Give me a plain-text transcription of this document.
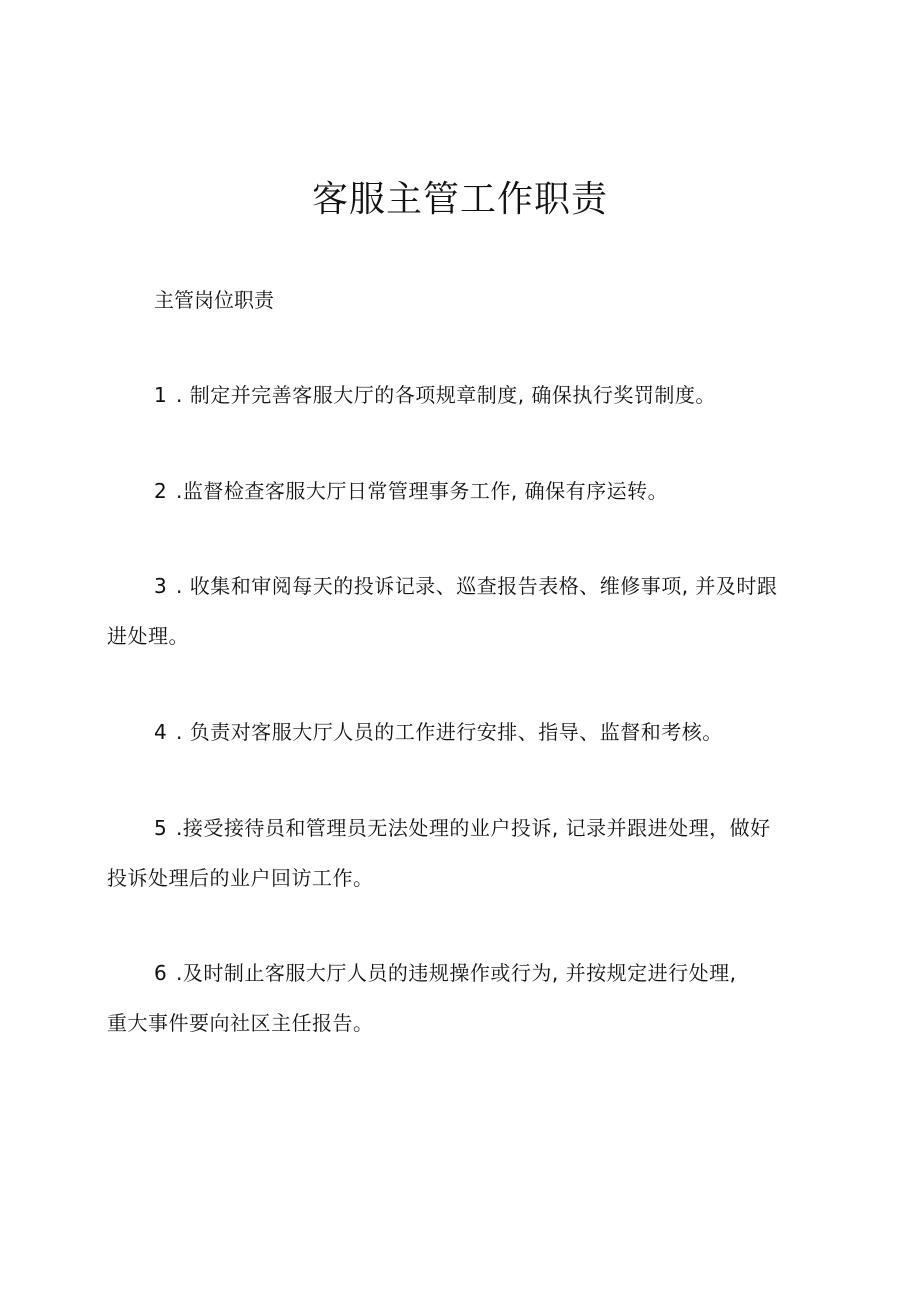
客服主管工作职责

主管岗位职责

1 . 制定并完善客服大厅的各项规章制度, 确保执行奖罚制度。
2 .监督检查客服大厅日常管理事务工作, 确保有序运转。
3 . 收集和审阅每天的投诉记录、巡查报告表格、维修事项, 并及时跟
进处理。
4 . 负责对客服大厅人员的工作进行安排、指导、监督和考核。
5 .接受接待员和管理员无法处理的业户投诉, 记录并跟进处理，做好
投诉处理后的业户回访工作。
6 .及时制止客服大厅人员的违规操作或行为, 并按规定进行处理,
重大事件要向社区主任报告。
